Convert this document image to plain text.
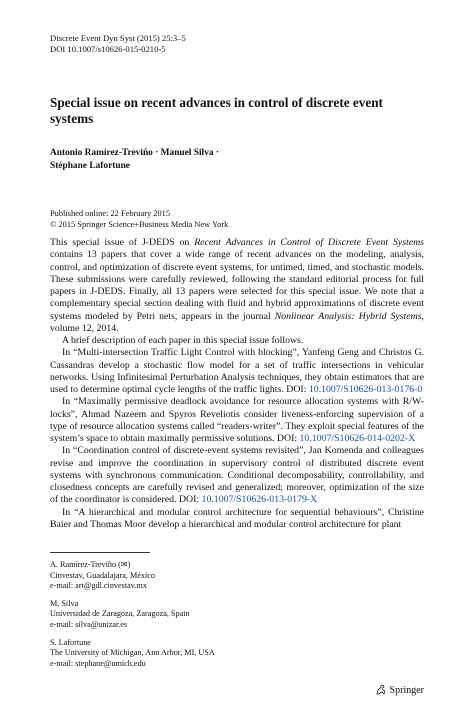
Discrete Event Dyn Syst (2015) 25:3–5
DOI 10.1007/s10626-015-0210-5
Special issue on recent advances in control of discrete event systems
Antonio Ramírez-Treviño · Manuel Silva ·
Stéphane Lafortune
Published online: 22 February 2015
© 2015 Springer Science+Business Media New York

This special issue of J-DEDS on Recent Advances in Control of Discrete Event Systems contains 13 papers that cover a wide range of recent advances on the modeling, analysis, control, and optimization of discrete event systems, for untimed, timed, and stochastic models. These submissions were carefully reviewed, following the standard editorial process for full papers in J-DEDS. Finally, all 13 papers were selected for this special issue. We note that a complementary special section dealing with fluid and hybrid approximations of discrete event systems modeled by Petri nets, appears in the journal Nonlinear Analysis: Hybrid Systems, volume 12, 2014.

A brief description of each paper in this special issue follows.

In “Multi-intersection Traffic Light Control with blocking”, Yanfeng Geng and Christos G. Cassandras develop a stochastic flow model for a set of traffic intersections in vehicular networks. Using Infinitesimal Perturbation Analysis techniques, they obtain estimators that are used to determine optimal cycle lengths of the traffic lights. DOI: 10.1007/S10626-013-0176-0

In “Maximally permissive deadlock avoidance for resource allocation systems with R/W-locks”, Ahmad Nazeem and Spyros Reveliotis consider liveness-enforcing supervision of a type of resource allocation systems called “readers-writer”. They exploit special features of the system’s space to obtain maximally permissive solutions. DOI: 10.1007/S10626-014-0202-X

In “Coordination control of discrete-event systems revisited”, Jan Komenda and colleagues revise and improve the coordination in supervisory control of distributed discrete event systems with synchronous communication. Conditional decomposability, controllability, and closedness concepts are carefully revised and generalized; moreover, optimization of the size of the coordinator is considered. DOI: 10.1007/S10626-013-0179-X

In “A hierarchical and modular control architecture for sequential behaviours”, Christine Baier and Thomas Moor develop a hierarchical and modular control architecture for plant

A. Ramírez-Treviño (✉)
Cinvestav, Guadalajara, México
e-mail: art@gdl.cinvestav.mx
M. Silva
Universidad de Zaragoza, Zaragoza, Spain
e-mail: silva@unizar.es
S. Lafortune
The University of Michigan, Ann Arbor, MI, USA
e-mail: stephane@umich.edu
Springer
